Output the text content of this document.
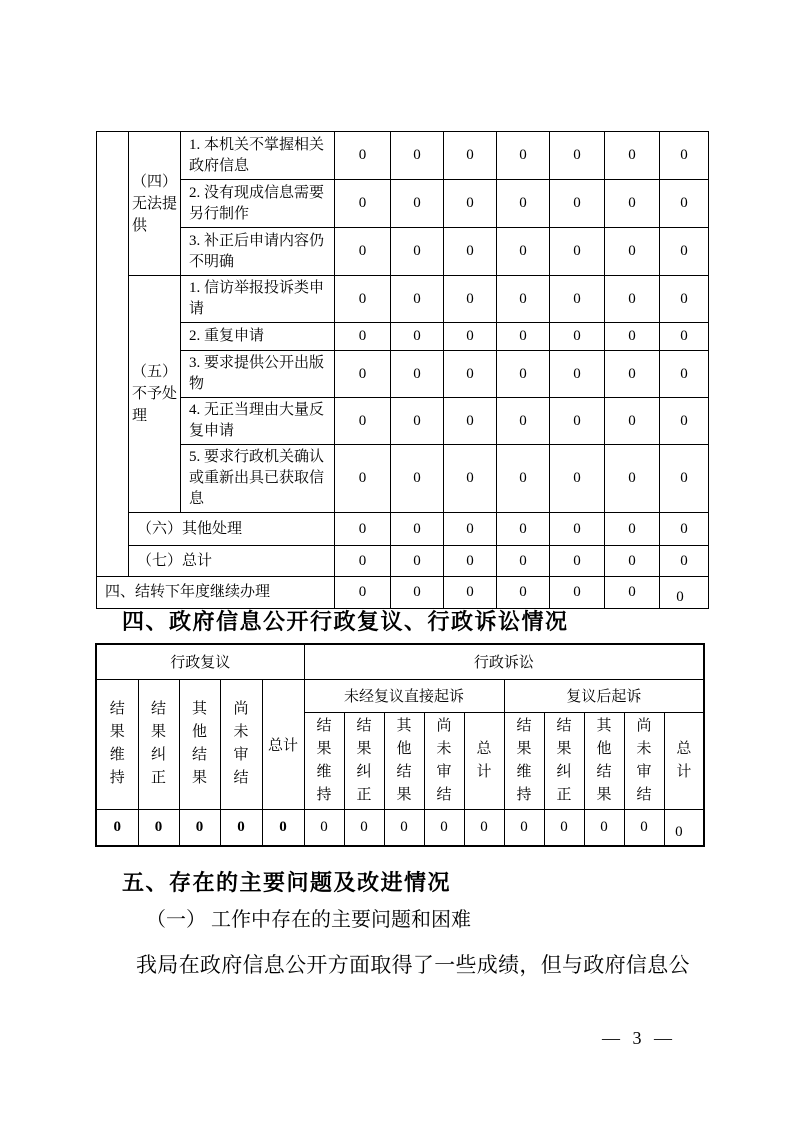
	（四）无法提供	1. 本机关不掌握相关政府信息	0	0	0	0	0	0	0
		2. 没有现成信息需要另行制作	0	0	0	0	0	0	0
		3. 补正后申请内容仍不明确	0	0	0	0	0	0	0
	（五）不予处理	1. 信访举报投诉类申请	0	0	0	0	0	0	0
		2. 重复申请	0	0	0	0	0	0	0
		3. 要求提供公开出版物	0	0	0	0	0	0	0
		4. 无正当理由大量反复申请	0	0	0	0	0	0	0
		5. 要求行政机关确认或重新出具已获取信息	0	0	0	0	0	0	0
	（六）其他处理		0	0	0	0	0	0	0
	（七）总计		0	0	0	0	0	0	0
四、结转下年度继续办理			0	0	0	0	0	0	0
四、政府信息公开行政复议、行政诉讼情况
行政复议					行政诉讼									
结果维持	结果纠正	其他结果	尚未审结	总计	未经复议直接起诉					复议后起诉				
					结果维持	结果纠正	其他结果	尚未审结	总计	结果维持	结果纠正	其他结果	尚未审结	总计
0	0	0	0	0	0	0	0	0	0	0	0	0	0	0
五、存在的主要问题及改进情况
（一） 工作中存在的主要问题和困难
我局在政府信息公开方面取得了一些成绩，但与政府信息公
— 3 —
